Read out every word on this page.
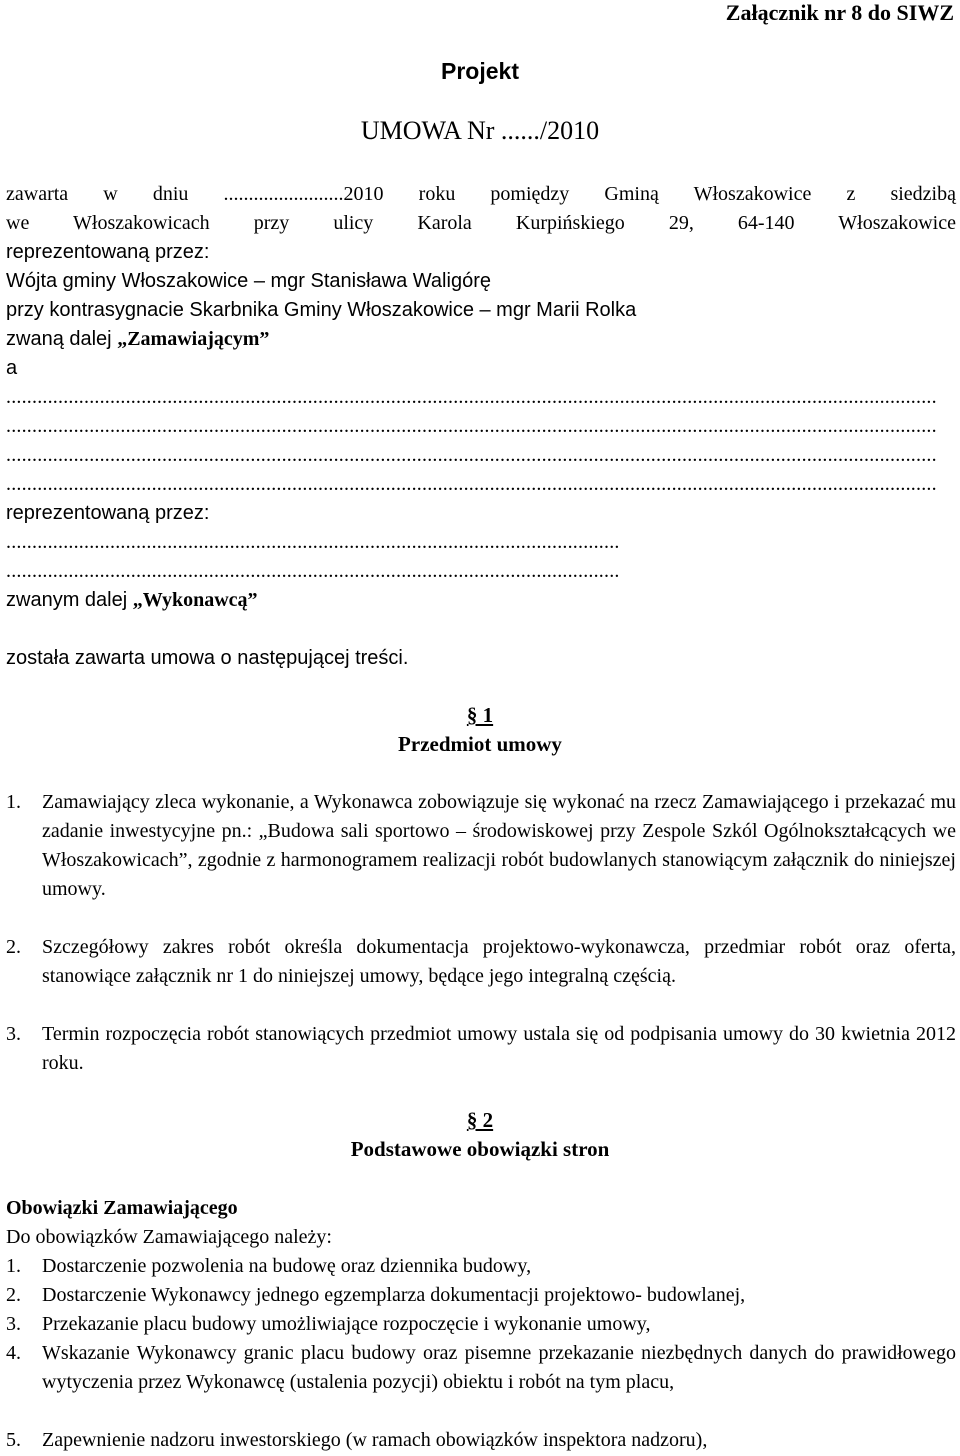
Załącznik nr 8 do SIWZ
Projekt
UMOWA Nr ....../2010
zawarta w dniu ........................2010 roku pomiędzy Gminą Włoszakowice z siedzibą
we Włoszakowicach przy ulicy Karola Kurpińskiego 29, 64-140 Włoszakowice
reprezentowaną przez:
Wójta gminy Włoszakowice – mgr Stanisława Waligórę
przy kontrasygnacie Skarbnika Gminy Włoszakowice – mgr Marii Rolka
zwaną dalej „Zamawiającym”
a
...................................................................................................................................................................................
...................................................................................................................................................................................
...................................................................................................................................................................................
...................................................................................................................................................................................
reprezentowaną przez:
......................................................................................................................
......................................................................................................................
zwanym dalej „Wykonawcą”
została zawarta umowa o następującej treści.
§ 1
Przedmiot umowy
1. Zamawiający zleca wykonanie, a Wykonawca zobowiązuje się wykonać na rzecz Zamawiającego i przekazać mu zadanie inwestycyjne pn.: „Budowa sali sportowo – środowiskowej przy Zespole Szkól Ogólnokształcących we Włoszakowicach”, zgodnie z harmonogramem realizacji robót budowlanych stanowiącym załącznik do niniejszej umowy.
2. Szczegółowy zakres robót określa dokumentacja projektowo-wykonawcza, przedmiar robót oraz oferta, stanowiące załącznik nr 1 do niniejszej umowy, będące jego integralną częścią.
3. Termin rozpoczęcia robót stanowiących przedmiot umowy ustala się od podpisania umowy do 30 kwietnia 2012 roku.
§ 2
Podstawowe obowiązki stron
Obowiązki Zamawiającego
Do obowiązków Zamawiającego należy:
1. Dostarczenie pozwolenia na budowę oraz dziennika budowy,
2. Dostarczenie Wykonawcy jednego egzemplarza dokumentacji projektowo- budowlanej,
3. Przekazanie placu budowy umożliwiające rozpoczęcie i wykonanie umowy,
4. Wskazanie Wykonawcy granic placu budowy oraz pisemne przekazanie niezbędnych danych do prawidłowego wytyczenia przez Wykonawcę (ustalenia pozycji) obiektu i robót na tym placu,
5. Zapewnienie nadzoru inwestorskiego (w ramach obowiązków inspektora nadzoru),
